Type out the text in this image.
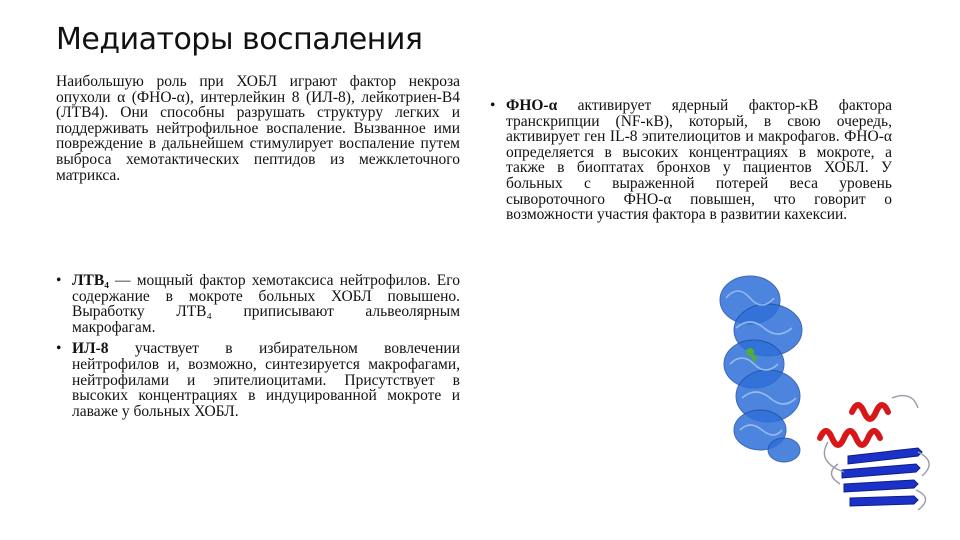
Медиаторы воспаления
Наибольшую роль при ХОБЛ играют фактор некроза опухоли α (ФНО-α), интерлейкин 8 (ИЛ-8), лейкотриен-B4 (ЛТB4). Они способны разрушать структуру легких и поддерживать нейтрофильное воспаление. Вызванное ими повреждение в дальнейшем стимулирует воспаление путем выброса хемотактических пептидов из межклеточного матрикса.
• ЛТВ₄ — мощный фактор хемотаксиса нейтрофилов. Его содержание в мокроте больных ХОБЛ повышено. Выработку ЛТВ₄ приписывают альвеолярным макрофагам.
• ИЛ-8 участвует в избирательном вовлечении нейтрофилов и, возможно, синтезируется макрофагами, нейтрофилами и эпителиоцитами. Присутствует в высоких концентрациях в индуцированной мокроте и лаваже у больных ХОБЛ.
• ФНО-α активирует ядерный фактор-κB фактора транскрипции (NF-κB), который, в свою очередь, активирует ген IL-8 эпителиоцитов и макрофагов. ФНО-α определяется в высоких концентрациях в мокроте, а также в биоптатах бронхов у пациентов ХОБЛ. У больных с выраженной потерей веса уровень сывороточного ФНО-α повышен, что говорит о возможности участия фактора в развитии кахексии.
